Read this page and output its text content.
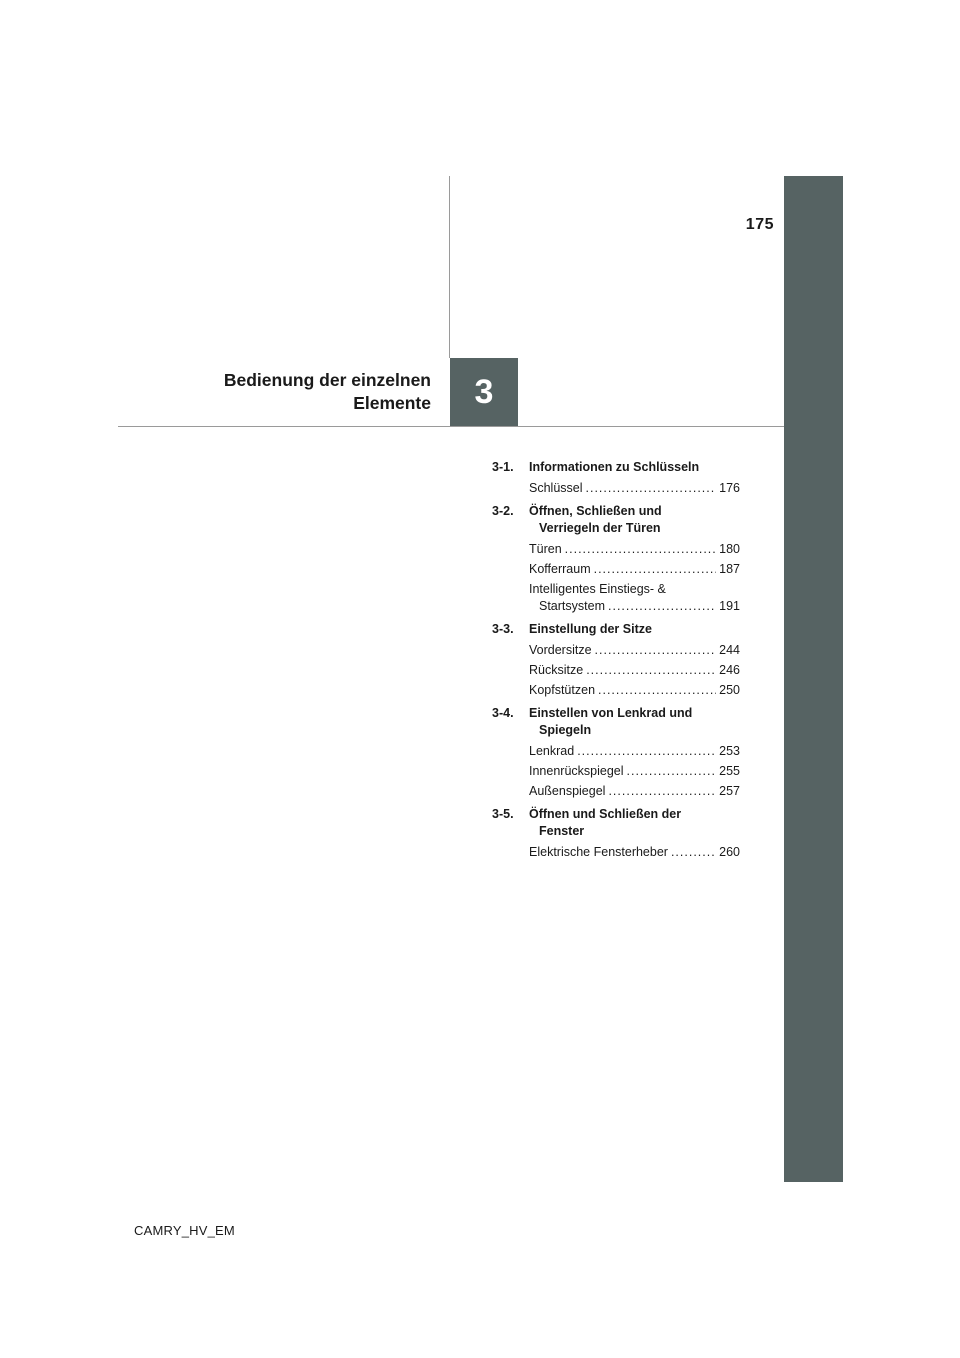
175
3
Bedienung der einzelnen
Elemente
3-1. Informationen zu Schlüsseln
Schlüssel .....	176
3-2. Öffnen, Schließen und
Verriegeln der Türen
Türen .....	180
Kofferraum .....	187
Intelligentes Einstiegs- &
Startsystem .....	191
3-3. Einstellung der Sitze
Vordersitze .....	244
Rücksitze .....	246
Kopfstützen .....	250
3-4. Einstellen von Lenkrad und
Spiegeln
Lenkrad .....	253
Innenrückspiegel .....	255
Außenspiegel .....	257
3-5. Öffnen und Schließen der
Fenster
Elektrische Fensterheber .....	260
CAMRY_HV_EM
